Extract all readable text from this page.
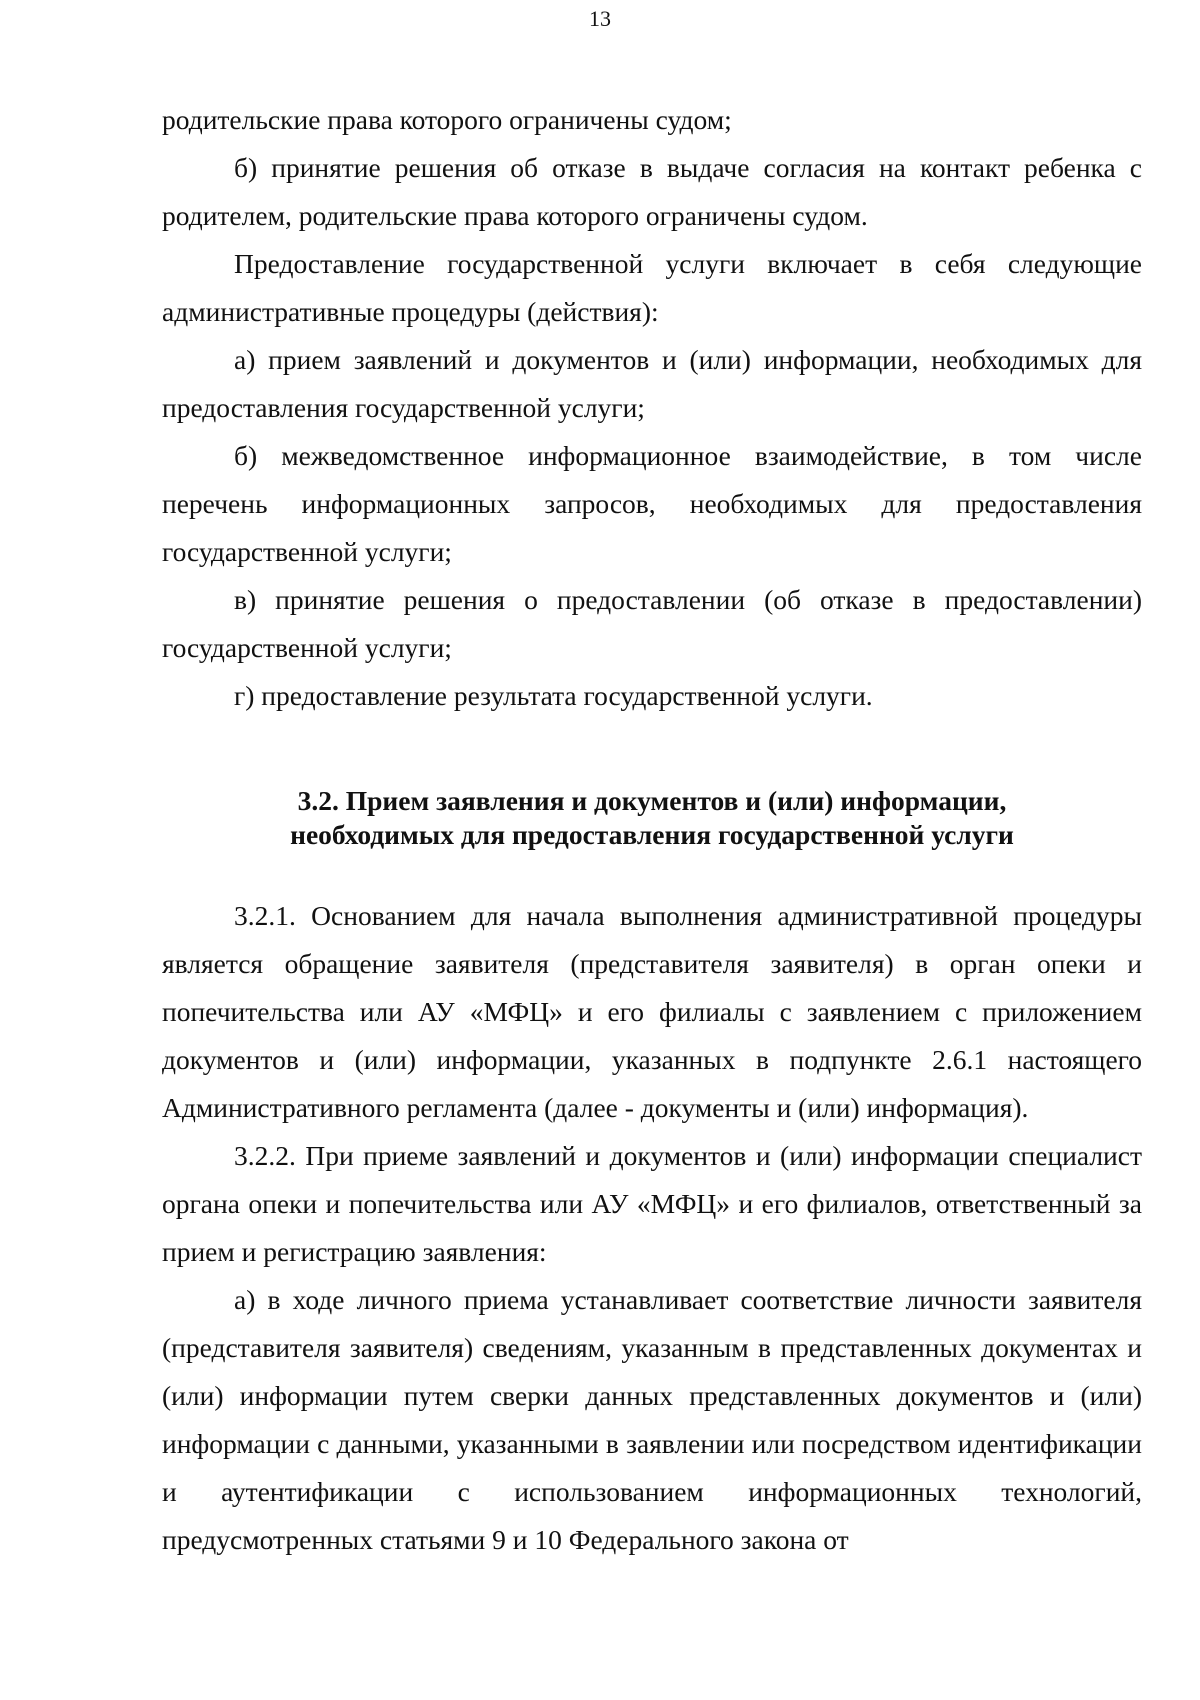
13

родительские права которого ограничены судом;

б) принятие решения об отказе в выдаче согласия на контакт ребенка с родителем, родительские права которого ограничены судом.

Предоставление государственной услуги включает в себя следующие административные процедуры (действия):

а) прием заявлений и документов и (или) информации, необходимых для предоставления государственной услуги;

б) межведомственное информационное взаимодействие, в том числе перечень информационных запросов, необходимых для предоставления государственной услуги;

в) принятие решения о предоставлении (об отказе в предоставлении) государственной услуги;

г) предоставление результата государственной услуги.

3.2. Прием заявления и документов и (или) информации,
необходимых для предоставления государственной услуги

3.2.1. Основанием для начала выполнения административной процедуры является обращение заявителя (представителя заявителя) в орган опеки и попечительства или АУ «МФЦ» и его филиалы с заявлением с приложением документов и (или) информации, указанных в подпункте 2.6.1 настоящего Административного регламента (далее - документы и (или) информация).

3.2.2. При приеме заявлений и документов и (или) информации специалист органа опеки и попечительства или АУ «МФЦ» и его филиалов, ответственный за прием и регистрацию заявления:

а) в ходе личного приема устанавливает соответствие личности заявителя (представителя заявителя) сведениям, указанным в представленных документах и (или) информации путем сверки данных представленных документов и (или) информации с данными, указанными в заявлении или посредством идентификации и аутентификации с использованием информационных технологий, предусмотренных статьями 9 и 10 Федерального закона от
